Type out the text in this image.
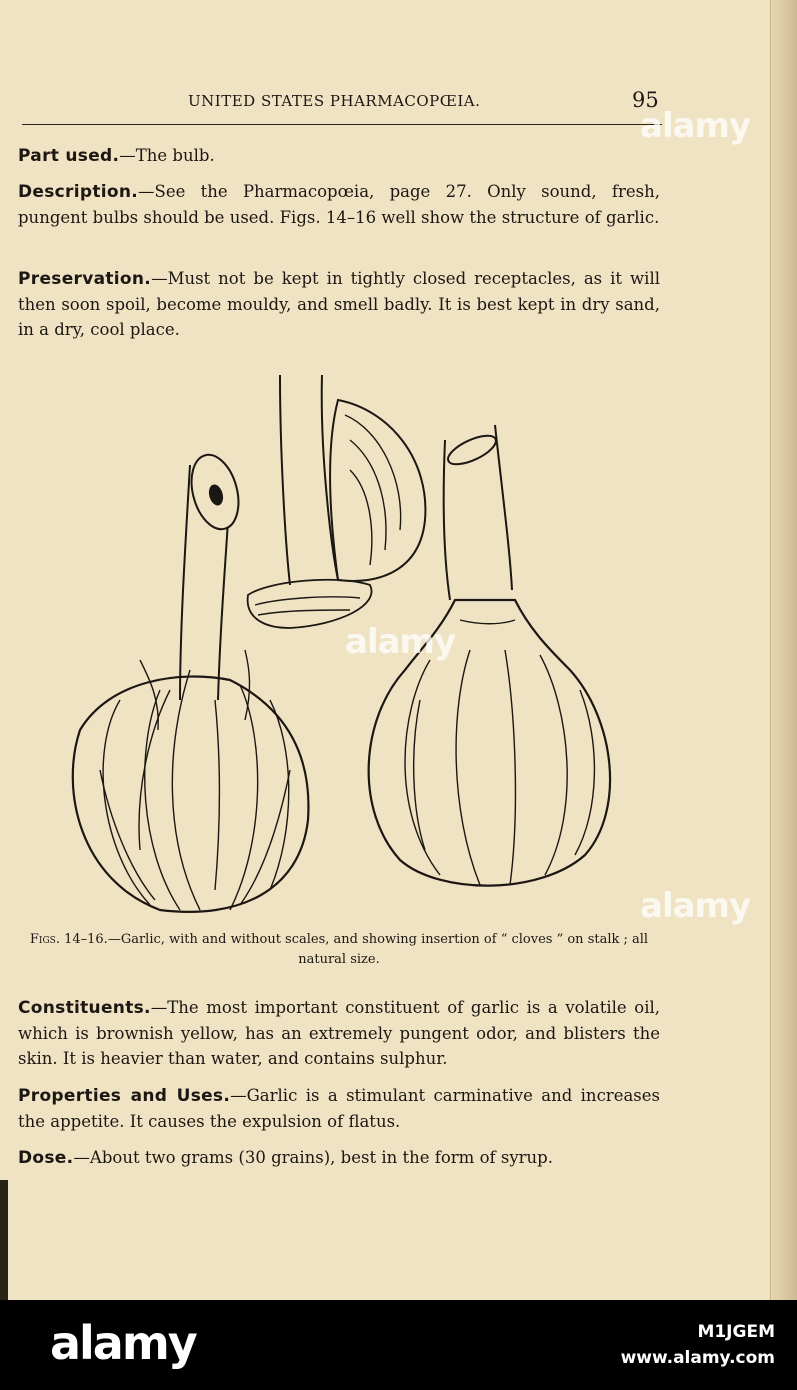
UNITED STATES PHARMACOPŒIA.	95
Part used.—The bulb.
Description.—See the Pharmacopœia, page 27. Only sound, fresh, pungent bulbs should be used. Figs. 14–16 well show the structure of garlic.
Preservation.—Must not be kept in tightly closed receptacles, as it will then soon spoil, become mouldy, and smell badly. It is best kept in dry sand, in a dry, cool place.
Figs. 14–16.—Garlic, with and without scales, and showing insertion of “ cloves ” on stalk ; all natural size.
Constituents.—The most important constituent of garlic is a volatile oil, which is brownish yellow, has an extremely pungent odor, and blisters the skin. It is heavier than water, and contains sulphur.
Properties and Uses.—Garlic is a stimulant carminative and increases the appetite. It causes the expulsion of flatus.
Dose.—About two grams (30 grains), best in the form of syrup.
alamy
alamy
alamy
alamy	M1JGEM
www.alamy.com
